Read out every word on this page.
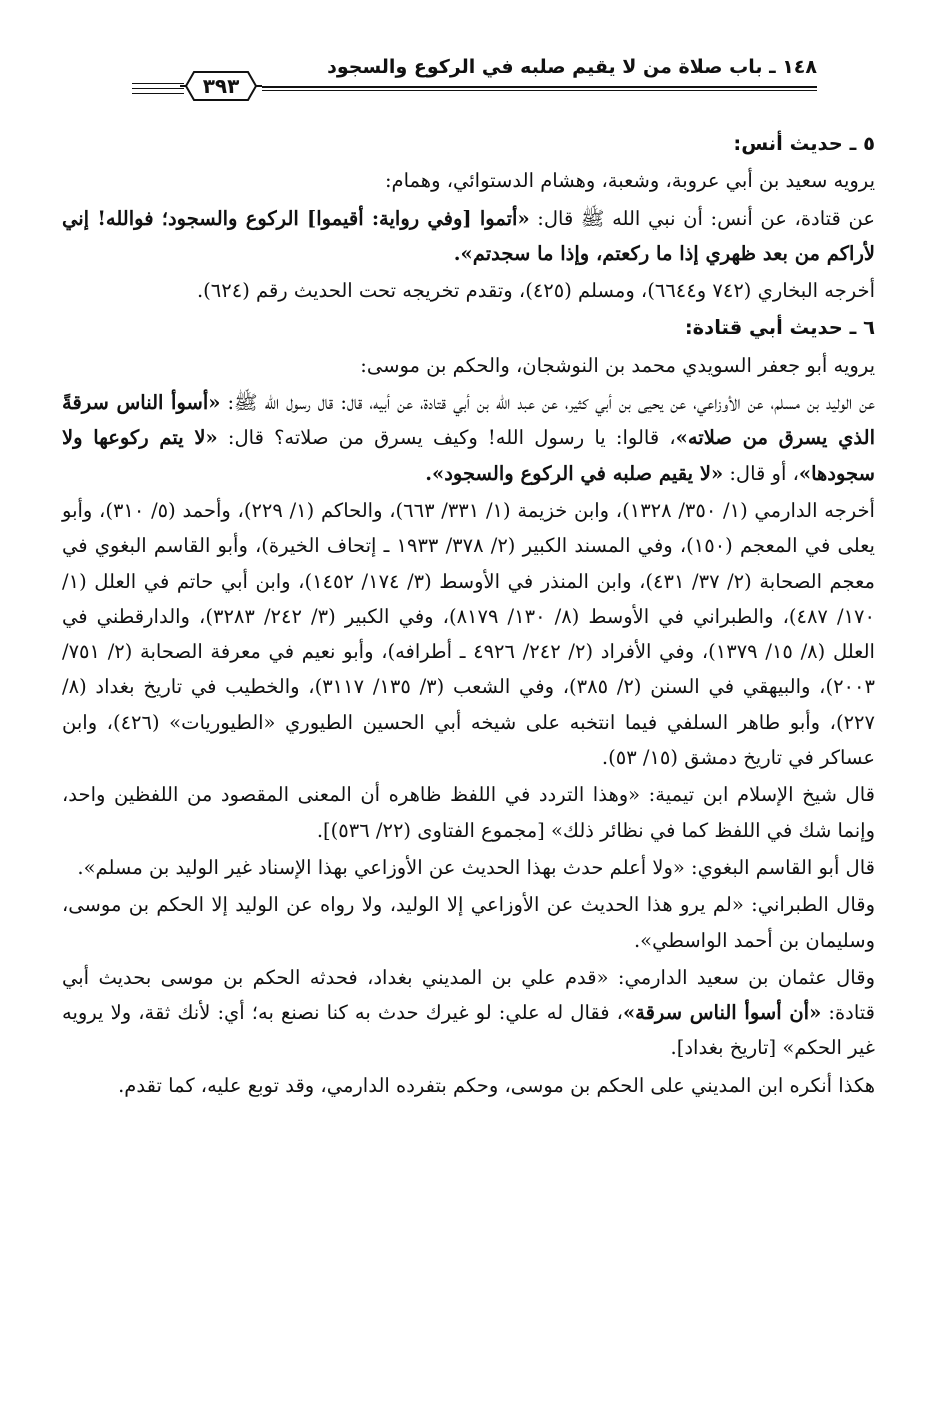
١٤٨ ـ باب صلاة من لا يقيم صلبه في الركوع والسجود
٣٩٣

٥ ـ حديث أنس:

يرويه سعيد بن أبي عروبة، وشعبة، وهشام الدستوائي، وهمام:

عن قتادة، عن أنس: أن نبي الله ﷺ قال: «أتموا [وفي رواية: أقيموا] الركوع والسجود؛ فوالله! إني لأراكم من بعد ظهري إذا ما ركعتم، وإذا ما سجدتم».

أخرجه البخاري (٧٤٢ و٦٦٤٤)، ومسلم (٤٢٥)، وتقدم تخريجه تحت الحديث رقم (٦٢٤).

٦ ـ حديث أبي قتادة:

يرويه أبو جعفر السويدي محمد بن النوشجان، والحكم بن موسى:

عن الوليد بن مسلم، عن الأوزاعي، عن يحيى بن أبي كثير، عن عبد الله بن أبي قتادة، عن أبيه، قال: قال رسول الله ﷺ: «أسوأ الناس سرقةً الذي يسرق من صلاته»، قالوا: يا رسول الله! وكيف يسرق من صلاته؟ قال: «لا يتم ركوعها ولا سجودها»، أو قال: «لا يقيم صلبه في الركوع والسجود».

أخرجه الدارمي (١/ ٣٥٠/ ١٣٢٨)، وابن خزيمة (١/ ٣٣١/ ٦٦٣)، والحاكم (١/ ٢٢٩)، وأحمد (٥/ ٣١٠)، وأبو يعلى في المعجم (١٥٠)، وفي المسند الكبير (٢/ ٣٧٨/ ١٩٣٣ ـ إتحاف الخيرة)، وأبو القاسم البغوي في معجم الصحابة (٢/ ٣٧/ ٤٣١)، وابن المنذر في الأوسط (٣/ ١٧٤/ ١٤٥٢)، وابن أبي حاتم في العلل (١/ ١٧٠/ ٤٨٧)، والطبراني في الأوسط (٨/ ١٣٠/ ٨١٧٩)، وفي الكبير (٣/ ٢٤٢/ ٣٢٨٣)، والدارقطني في العلل (٨/ ١٥/ ١٣٧٩)، وفي الأفراد (٢/ ٢٤٢/ ٤٩٢٦ ـ أطرافه)، وأبو نعيم في معرفة الصحابة (٢/ ٧٥١/ ٢٠٠٣)، والبيهقي في السنن (٢/ ٣٨٥)، وفي الشعب (٣/ ١٣٥/ ٣١١٧)، والخطيب في تاريخ بغداد (٨/ ٢٢٧)، وأبو طاهر السلفي فيما انتخبه على شيخه أبي الحسين الطيوري «الطيوريات» (٤٢٦)، وابن عساكر في تاريخ دمشق (١٥/ ٥٣).

قال شيخ الإسلام ابن تيمية: «وهذا التردد في اللفظ ظاهره أن المعنى المقصود من اللفظين واحد، وإنما شك في اللفظ كما في نظائر ذلك» [مجموع الفتاوى (٢٢/ ٥٣٦)].

قال أبو القاسم البغوي: «ولا أعلم حدث بهذا الحديث عن الأوزاعي بهذا الإسناد غير الوليد بن مسلم».

وقال الطبراني: «لم يرو هذا الحديث عن الأوزاعي إلا الوليد، ولا رواه عن الوليد إلا الحكم بن موسى، وسليمان بن أحمد الواسطي».

وقال عثمان بن سعيد الدارمي: «قدم علي بن المديني بغداد، فحدثه الحكم بن موسى بحديث أبي قتادة: «أن أسوأ الناس سرقة»، فقال له علي: لو غيرك حدث به كنا نصنع به؛ أي: لأنك ثقة، ولا يرويه غير الحكم» [تاريخ بغداد].

هكذا أنكره ابن المديني على الحكم بن موسى، وحكم بتفرده الدارمي، وقد توبع عليه، كما تقدم.
